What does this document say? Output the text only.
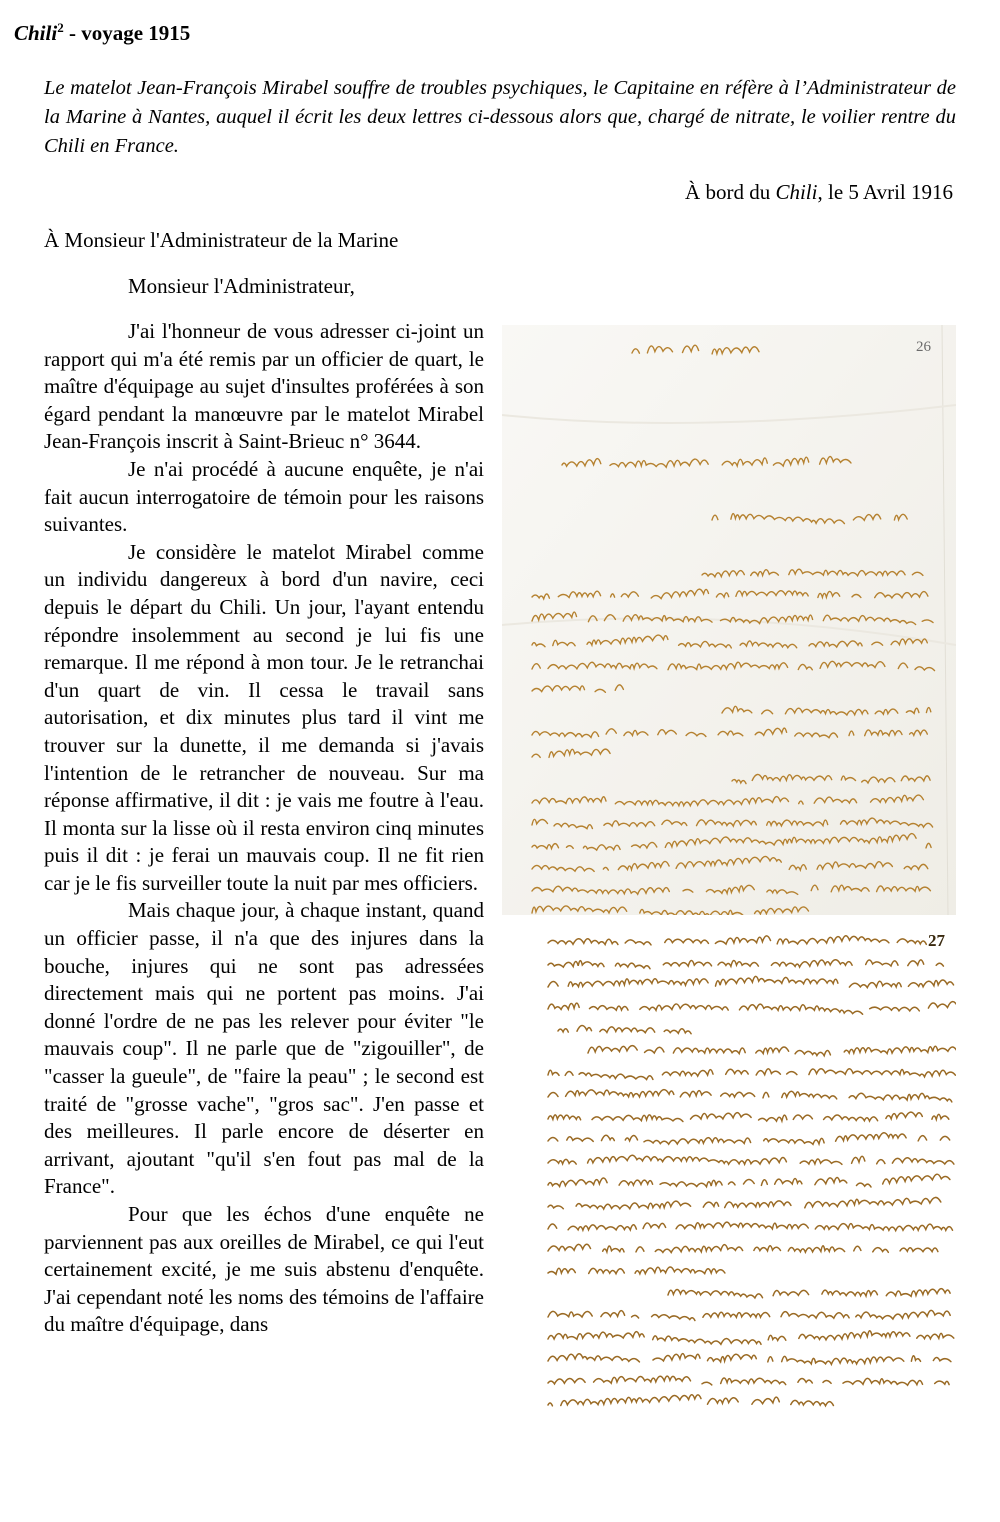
Chili$^2$ - voyage 1915

Le matelot Jean-François Mirabel souffre de troubles psychiques, le Capitaine en réfère à l’Administrateur de la Marine à Nantes, auquel il écrit les deux lettres ci-dessous alors que, chargé de nitrate, le voilier rentre du Chili en France.

À bord du Chili, le 5 Avril 1916

À Monsieur l'Administrateur de la Marine

Monsieur l'Administrateur,

J'ai l'honneur de vous adresser ci-joint un rapport qui m'a été remis par un officier de quart, le maître d'équipage au sujet d'insultes proférées à son égard pendant la manœuvre par le matelot Mirabel Jean-François inscrit à Saint-Brieuc n° 3644.

Je n'ai procédé à aucune enquête, je n'ai fait aucun interrogatoire de témoin pour les raisons suivantes.

Je considère le matelot Mirabel comme un individu dangereux à bord d'un navire, ceci depuis le départ du Chili. Un jour, l'ayant entendu répondre insolemment au second je lui fis une remarque. Il me répond à mon tour. Je le retranchai d'un quart de vin. Il cessa le travail sans autorisation, et dix minutes plus tard il vint me trouver sur la dunette, il me demanda si j'avais l'intention de le retrancher de nouveau. Sur ma réponse affirmative, il dit : je vais me foutre à l'eau. Il monta sur la lisse où il resta environ cinq minutes puis il dit : je ferai un mauvais coup. Il ne fit rien car je le fis surveiller toute la nuit par mes officiers.

Mais chaque jour, à chaque instant, quand un officier passe, il n'a que des injures dans la bouche, injures qui ne sont pas adressées directement mais qui ne portent pas moins. J'ai donné l'ordre de ne pas les relever pour éviter "le mauvais coup". Il ne parle que de "zigouiller", de "casser la gueule", de "faire la peau" ; le second est traité de "grosse vache", "gros sac". J'en passe et des meilleures. Il parle encore de déserter en arrivant, ajoutant "qu'il s'en fout pas mal de la France".

Pour que les échos d'une enquête ne parviennent pas aux oreilles de Mirabel, ce qui l'eut certainement excité, je me suis abstenu d'enquête. J'ai cependant noté les noms des témoins de l'affaire du maître d'équipage, dans

26
27
